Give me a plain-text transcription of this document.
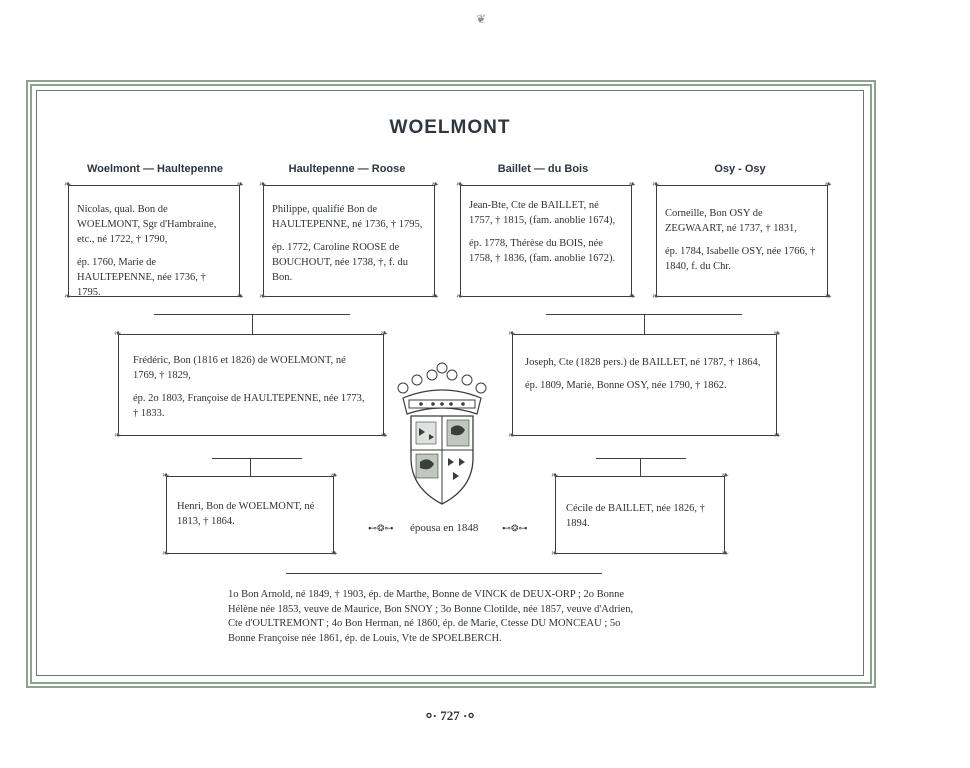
❦
WOELMONT
Woelmont — Haultepenne	Haultepenne — Roose	Baillet — du Bois	Osy - Osy
❧	❧
❧	❧

Nicolas, qual. Bon de WOELMONT, Sgr d'Hambraine, etc., né 1722, † 1790,

ép. 1760, Marie de HAULTEPENNE, née 1736, † 1795.

❧	❧
❧	❧

Philippe, qualifié Bon de HAULTEPENNE, né 1736, † 1795,

ép. 1772, Caroline ROOSE de BOUCHOUT, née 1738, †, f. du Bon.

❧	❧
❧	❧

Jean-Bte, Cte de BAILLET, né 1757, † 1815, (fam. anoblie 1674),

ép. 1778, Thérèse du BOIS, née 1758, † 1836, (fam. anoblie 1672).

❧	❧
❧	❧

Corneille, Bon OSY de ZEGWAART, né 1737, † 1831,

ép. 1784, Isabelle OSY, née 1766, † 1840, f. du Chr.

❧	❧
❧	❧

Frédéric, Bon (1816 et 1826) de WOELMONT, né 1769, † 1829,

ép. 2o 1803, Françoise de HAULTEPENNE, née 1773, † 1833.

❧	❧
❧	❧

Joseph, Cte (1828 pers.) de BAILLET, né 1787, † 1864,

ép. 1809, Marie, Bonne OSY, née 1790, † 1862.

❧	❧
❧	❧

Henri, Bon de WOELMONT, né 1813, † 1864.

❧	❧
❧	❧

Cécile de BAILLET, née 1826, † 1894.

⊷❂⊶ épousa en 1848	⊷❂⊶
1o Bon Arnold, né 1849, † 1903, ép. de Marthe, Bonne de VINCK de DEUX-ORP ; 2o Bonne Hélène née 1853, veuve de Maurice, Bon SNOY ; 3o Bonne Clotilde, née 1857, veuve d'Adrien, Cte d'OULTREMONT ; 4o Bon Herman, né 1860, ép. de Marie, Ctesse DU MONCEAU ; 5o Bonne Françoise née 1861, ép. de Louis, Vte de SPOELBERCH.
⸰· 727 ·⸰
